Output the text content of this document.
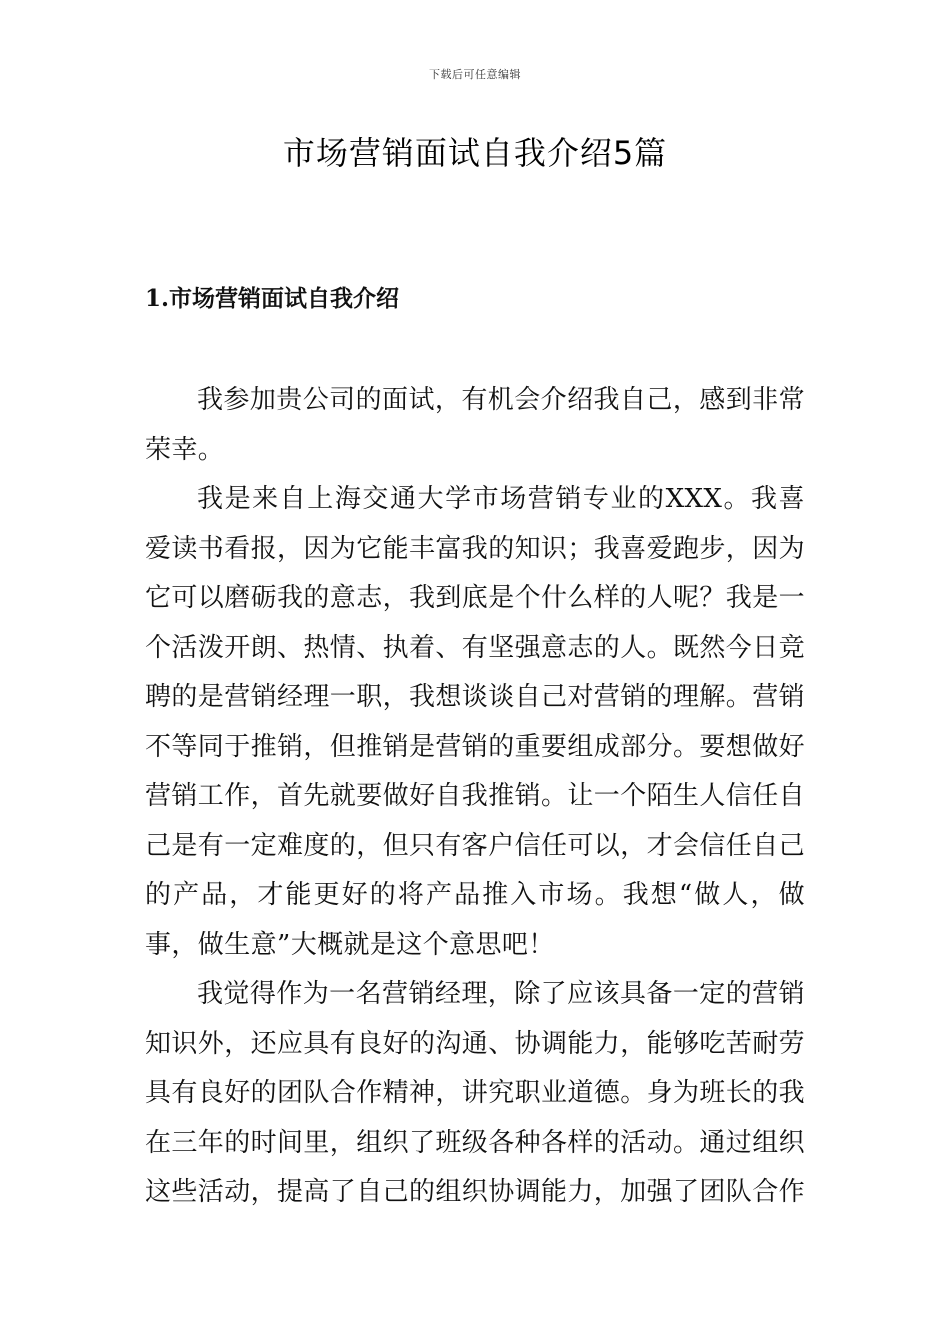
下载后可任意编辑
市场营销面试自我介绍5篇
1.市场营销面试自我介绍

我参加贵公司的面试，有机会介绍我自己，感到非常荣幸。

我是来自上海交通大学市场营销专业的XXX。我喜爱读书看报，因为它能丰富我的知识；我喜爱跑步，因为它可以磨砺我的意志，我到底是个什么样的人呢？我是一个活泼开朗、热情、执着、有坚强意志的人。既然今日竞聘的是营销经理一职，我想谈谈自己对营销的理解。营销不等同于推销，但推销是营销的重要组成部分。要想做好营销工作，首先就要做好自我推销。让一个陌生人信任自己是有一定难度的，但只有客户信任可以，才会信任自己的产品，才能更好的将产品推入市场。我想“做人，做事，做生意”大概就是这个意思吧！

我觉得作为一名营销经理，除了应该具备一定的营销知识外，还应具有良好的沟通、协调能力，能够吃苦耐劳具有良好的团队合作精神，讲究职业道德。身为班长的我在三年的时间里，组织了班级各种各样的活动。通过组织这些活动，提高了自己的组织协调能力，加强了团队合作
